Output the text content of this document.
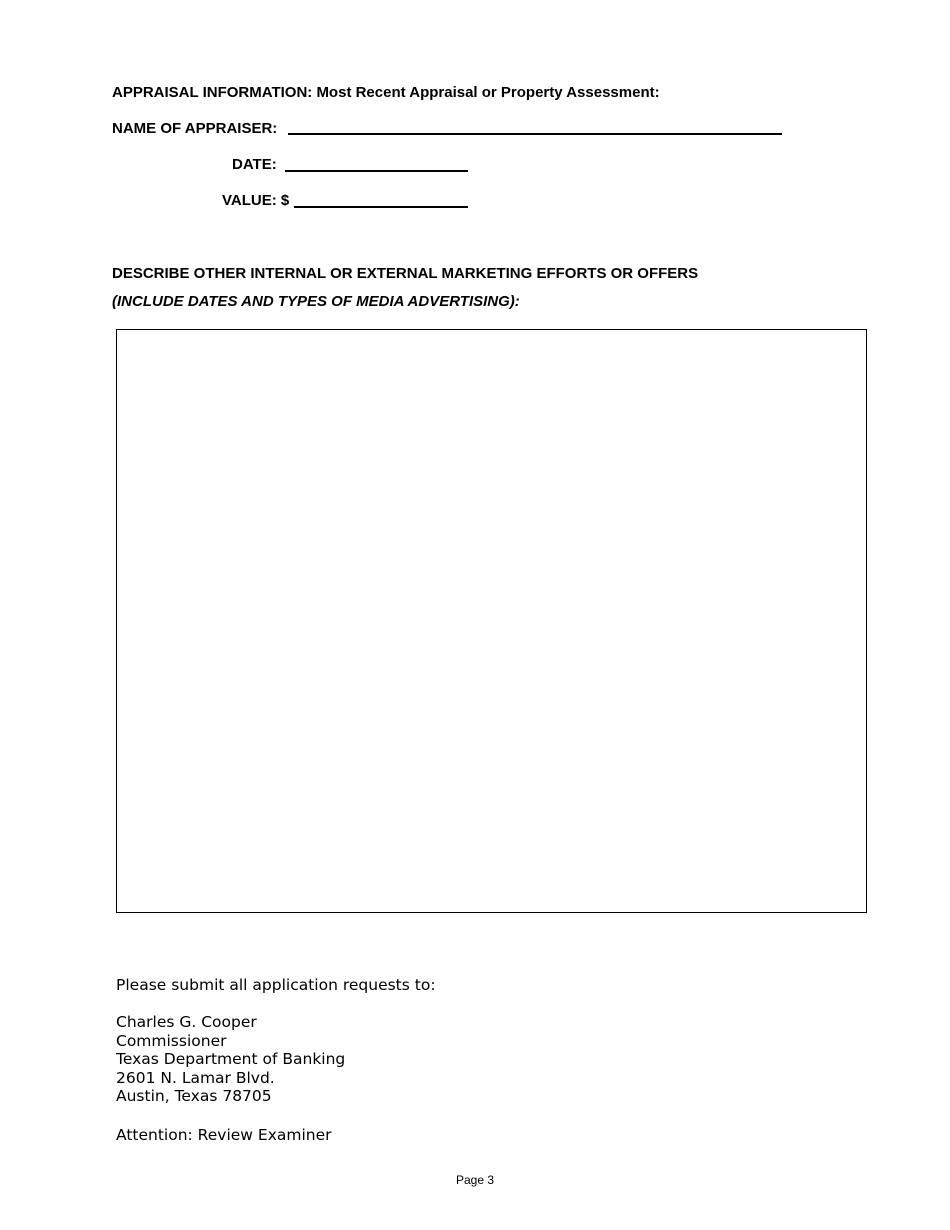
APPRAISAL INFORMATION: Most Recent Appraisal or Property Assessment:
NAME OF APPRAISER:
DATE:
VALUE: $
DESCRIBE OTHER INTERNAL OR EXTERNAL MARKETING EFFORTS OR OFFERS
(INCLUDE DATES AND TYPES OF MEDIA ADVERTISING):
Please submit all application requests to:
Charles G. Cooper
Commissioner
Texas Department of Banking
2601 N. Lamar Blvd.
Austin, Texas 78705
Attention: Review Examiner
Page 3
